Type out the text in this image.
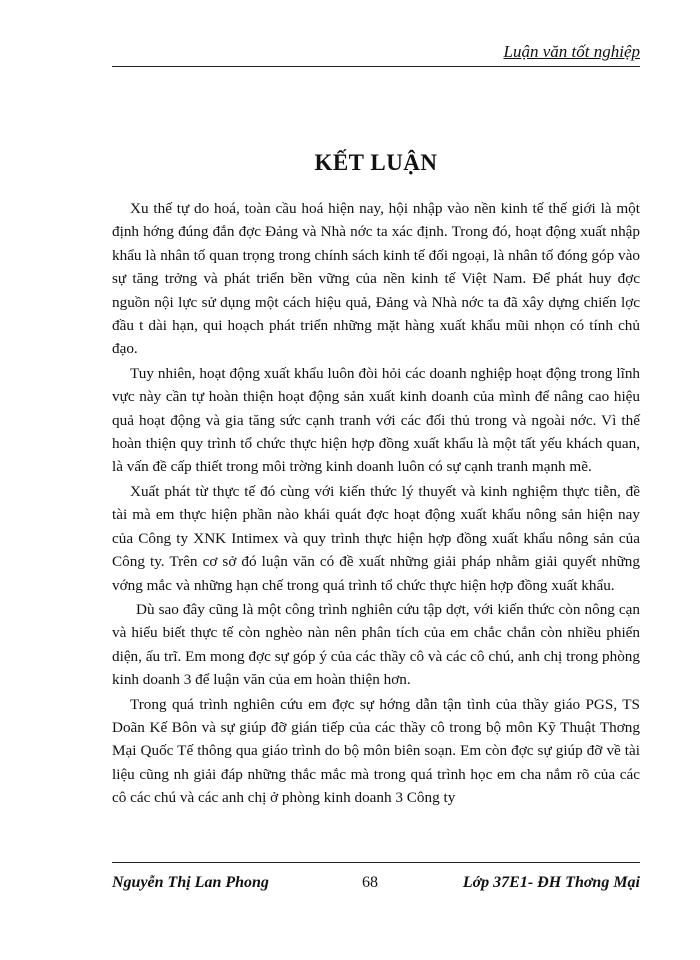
Luận văn tốt nghiệp
KẾT LUẬN

Xu thế tự do hoá, toàn cầu hoá hiện nay, hội nhập vào nền kinh tế thế giới là một định hớng đúng đắn đợc Đảng và Nhà nớc ta xác định. Trong đó, hoạt động xuất nhập khẩu là nhân tố quan trọng trong chính sách kinh tế đối ngoại, là nhân tố đóng góp vào sự tăng trởng và phát triển bền vững của nền kinh tế Việt Nam. Để phát huy đợc nguồn nội lực sử dụng một cách hiệu quả, Đảng và Nhà nớc ta đã xây dựng chiến lợc đầu t dài hạn, qui hoạch phát triển những mặt hàng xuất khẩu mũi nhọn có tính chủ đạo.

Tuy nhiên, hoạt động xuất khẩu luôn đòi hỏi các doanh nghiệp hoạt động trong lĩnh vực này cần tự hoàn thiện hoạt động sản xuất kinh doanh của mình để nâng cao hiệu quả hoạt động và gia tăng sức cạnh tranh với các đối thủ trong và ngoài nớc. Vì thế hoàn thiện quy trình tổ chức thực hiện hợp đồng xuất khẩu là một tất yếu khách quan, là vấn đề cấp thiết trong môi trờng kinh doanh luôn có sự cạnh tranh mạnh mẽ.

Xuất phát từ thực tế đó cùng với kiến thức lý thuyết và kinh nghiệm thực tiễn, đề tài mà em thực hiện phần nào khái quát đợc hoạt động xuất khẩu nông sản hiện nay của Công ty XNK Intimex và quy trình thực hiện hợp đồng xuất khẩu nông sản của Công ty. Trên cơ sở đó luận văn có đề xuất những giải pháp nhằm giải quyết những vớng mắc và những hạn chế trong quá trình tổ chức thực hiện hợp đồng xuất khẩu.

Dù sao đây cũng là một công trình nghiên cứu tập dợt, với kiến thức còn nông cạn và hiểu biết thực tế còn nghèo nàn nên phân tích của em chắc chắn còn nhiều phiến diện, ấu trĩ. Em mong đợc sự góp ý của các thầy cô và các cô chú, anh chị trong phòng kinh doanh 3 để luận văn của em hoàn thiện hơn.

Trong quá trình nghiên cứu em đợc sự hớng dẫn tận tình của thầy giáo PGS, TS Doãn Kế Bôn và sự giúp đỡ gián tiếp của các thầy cô trong bộ môn Kỹ Thuật Thơng Mại Quốc Tế thông qua giáo trình do bộ môn biên soạn. Em còn đợc sự giúp đỡ về tài liệu cũng nh giải đáp những thắc mắc mà trong quá trình học em cha nắm rõ của các cô các chú và các anh chị ở phòng kinh doanh 3 Công ty

Nguyễn Thị Lan Phong	68	Lớp 37E1- ĐH Thơng Mại
